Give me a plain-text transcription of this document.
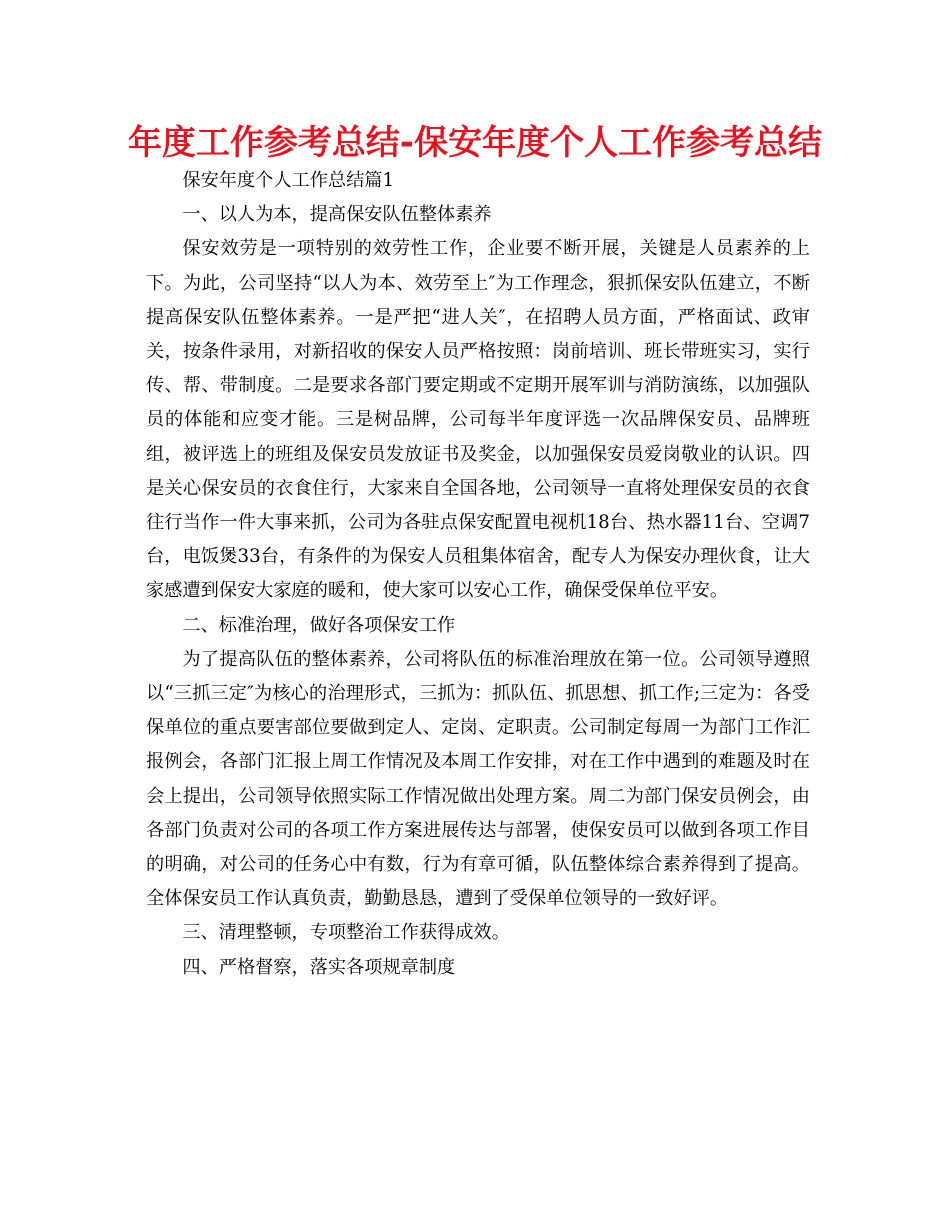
年度工作参考总结-保安年度个人工作参考总结

保安年度个人工作总结篇1

一、以人为本，提高保安队伍整体素养

保安效劳是一项特别的效劳性工作，企业要不断开展，关键是人员素养的上下。为此，公司坚持“以人为本、效劳至上″为工作理念，狠抓保安队伍建立，不断提高保安队伍整体素养。一是严把“进人关″，在招聘人员方面，严格面试、政审关，按条件录用，对新招收的保安人员严格按照：岗前培训、班长带班实习，实行传、帮、带制度。二是要求各部门要定期或不定期开展军训与消防演练，以加强队员的体能和应变才能。三是树品牌，公司每半年度评选一次品牌保安员、品牌班组，被评选上的班组及保安员发放证书及奖金，以加强保安员爱岗敬业的认识。四是关心保安员的衣食住行，大家来自全国各地，公司领导一直将处理保安员的衣食往行当作一件大事来抓，公司为各驻点保安配置电视机18台、热水器11台、空调7台，电饭煲33台，有条件的为保安人员租集体宿舍，配专人为保安办理伙食，让大家感遭到保安大家庭的暖和，使大家可以安心工作，确保受保单位平安。

二、标准治理，做好各项保安工作

为了提高队伍的整体素养，公司将队伍的标准治理放在第一位。公司领导遵照以“三抓三定″为核心的治理形式，三抓为：抓队伍、抓思想、抓工作;三定为：各受保单位的重点要害部位要做到定人、定岗、定职责。公司制定每周一为部门工作汇报例会，各部门汇报上周工作情况及本周工作安排，对在工作中遇到的难题及时在会上提出，公司领导依照实际工作情况做出处理方案。周二为部门保安员例会，由各部门负责对公司的各项工作方案进展传达与部署，使保安员可以做到各项工作目的明确，对公司的任务心中有数，行为有章可循，队伍整体综合素养得到了提高。全体保安员工作认真负责，勤勤恳恳，遭到了受保单位领导的一致好评。

三、清理整顿，专项整治工作获得成效。

四、严格督察，落实各项规章制度
